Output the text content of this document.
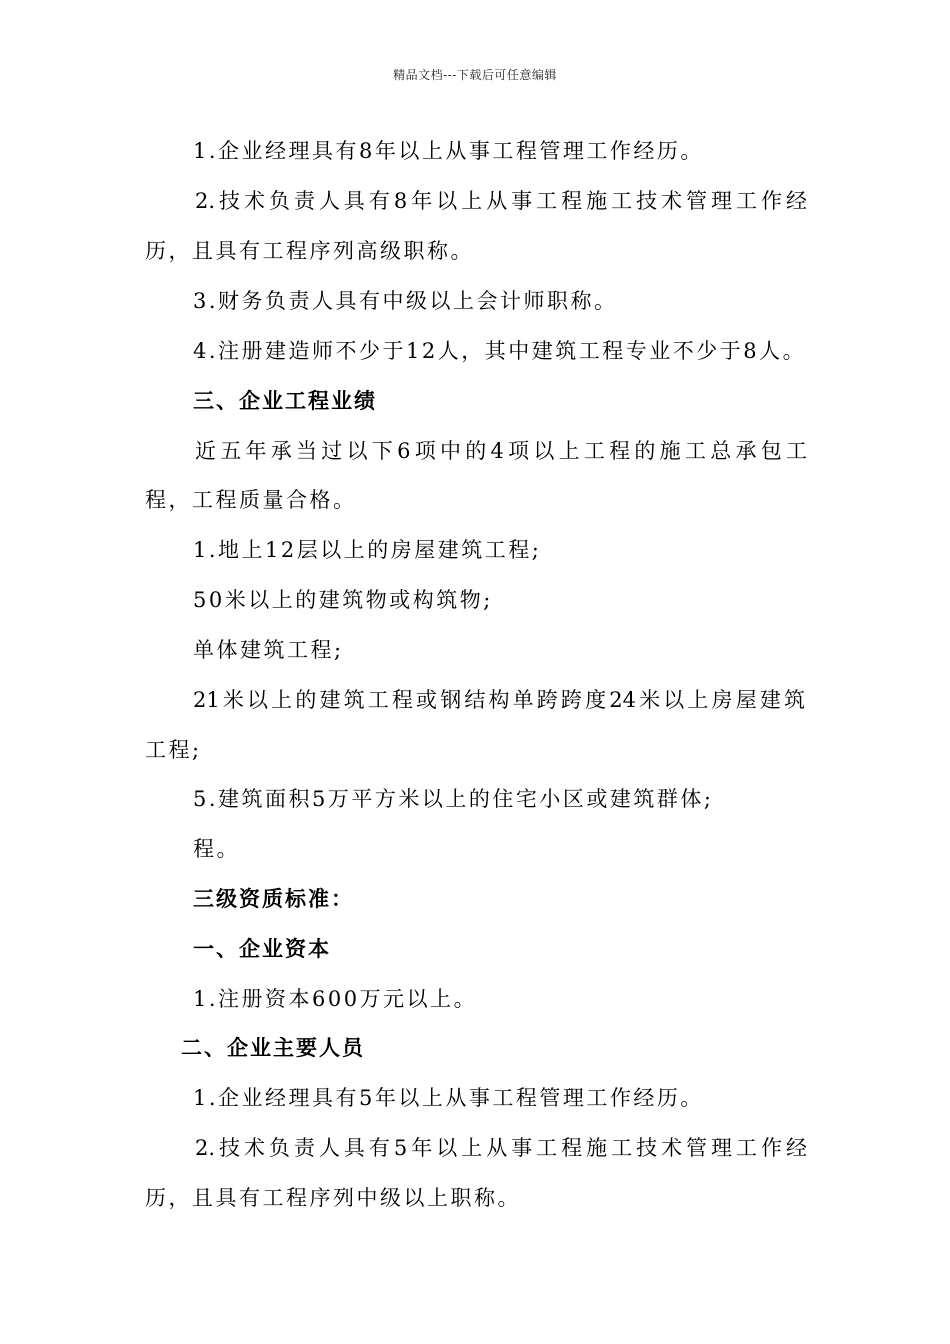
精品文档---下载后可任意编辑
1.企业经理具有8年以上从事工程管理工作经历。
2.技术负责人具有8年以上从事工程施工技术管理工作经
历，且具有工程序列高级职称。
3.财务负责人具有中级以上会计师职称。
4.注册建造师不少于12人，其中建筑工程专业不少于8人。
三、企业工程业绩
近五年承当过以下6项中的4项以上工程的施工总承包工
程，工程质量合格。
1.地上12层以上的房屋建筑工程;
50米以上的建筑物或构筑物;
单体建筑工程;
21米以上的建筑工程或钢结构单跨跨度24米以上房屋建筑
工程;
5.建筑面积5万平方米以上的住宅小区或建筑群体;
程。
三级资质标准：
一、企业资本
1.注册资本600万元以上。
二、企业主要人员
1.企业经理具有5年以上从事工程管理工作经历。
2.技术负责人具有5年以上从事工程施工技术管理工作经
历，且具有工程序列中级以上职称。
